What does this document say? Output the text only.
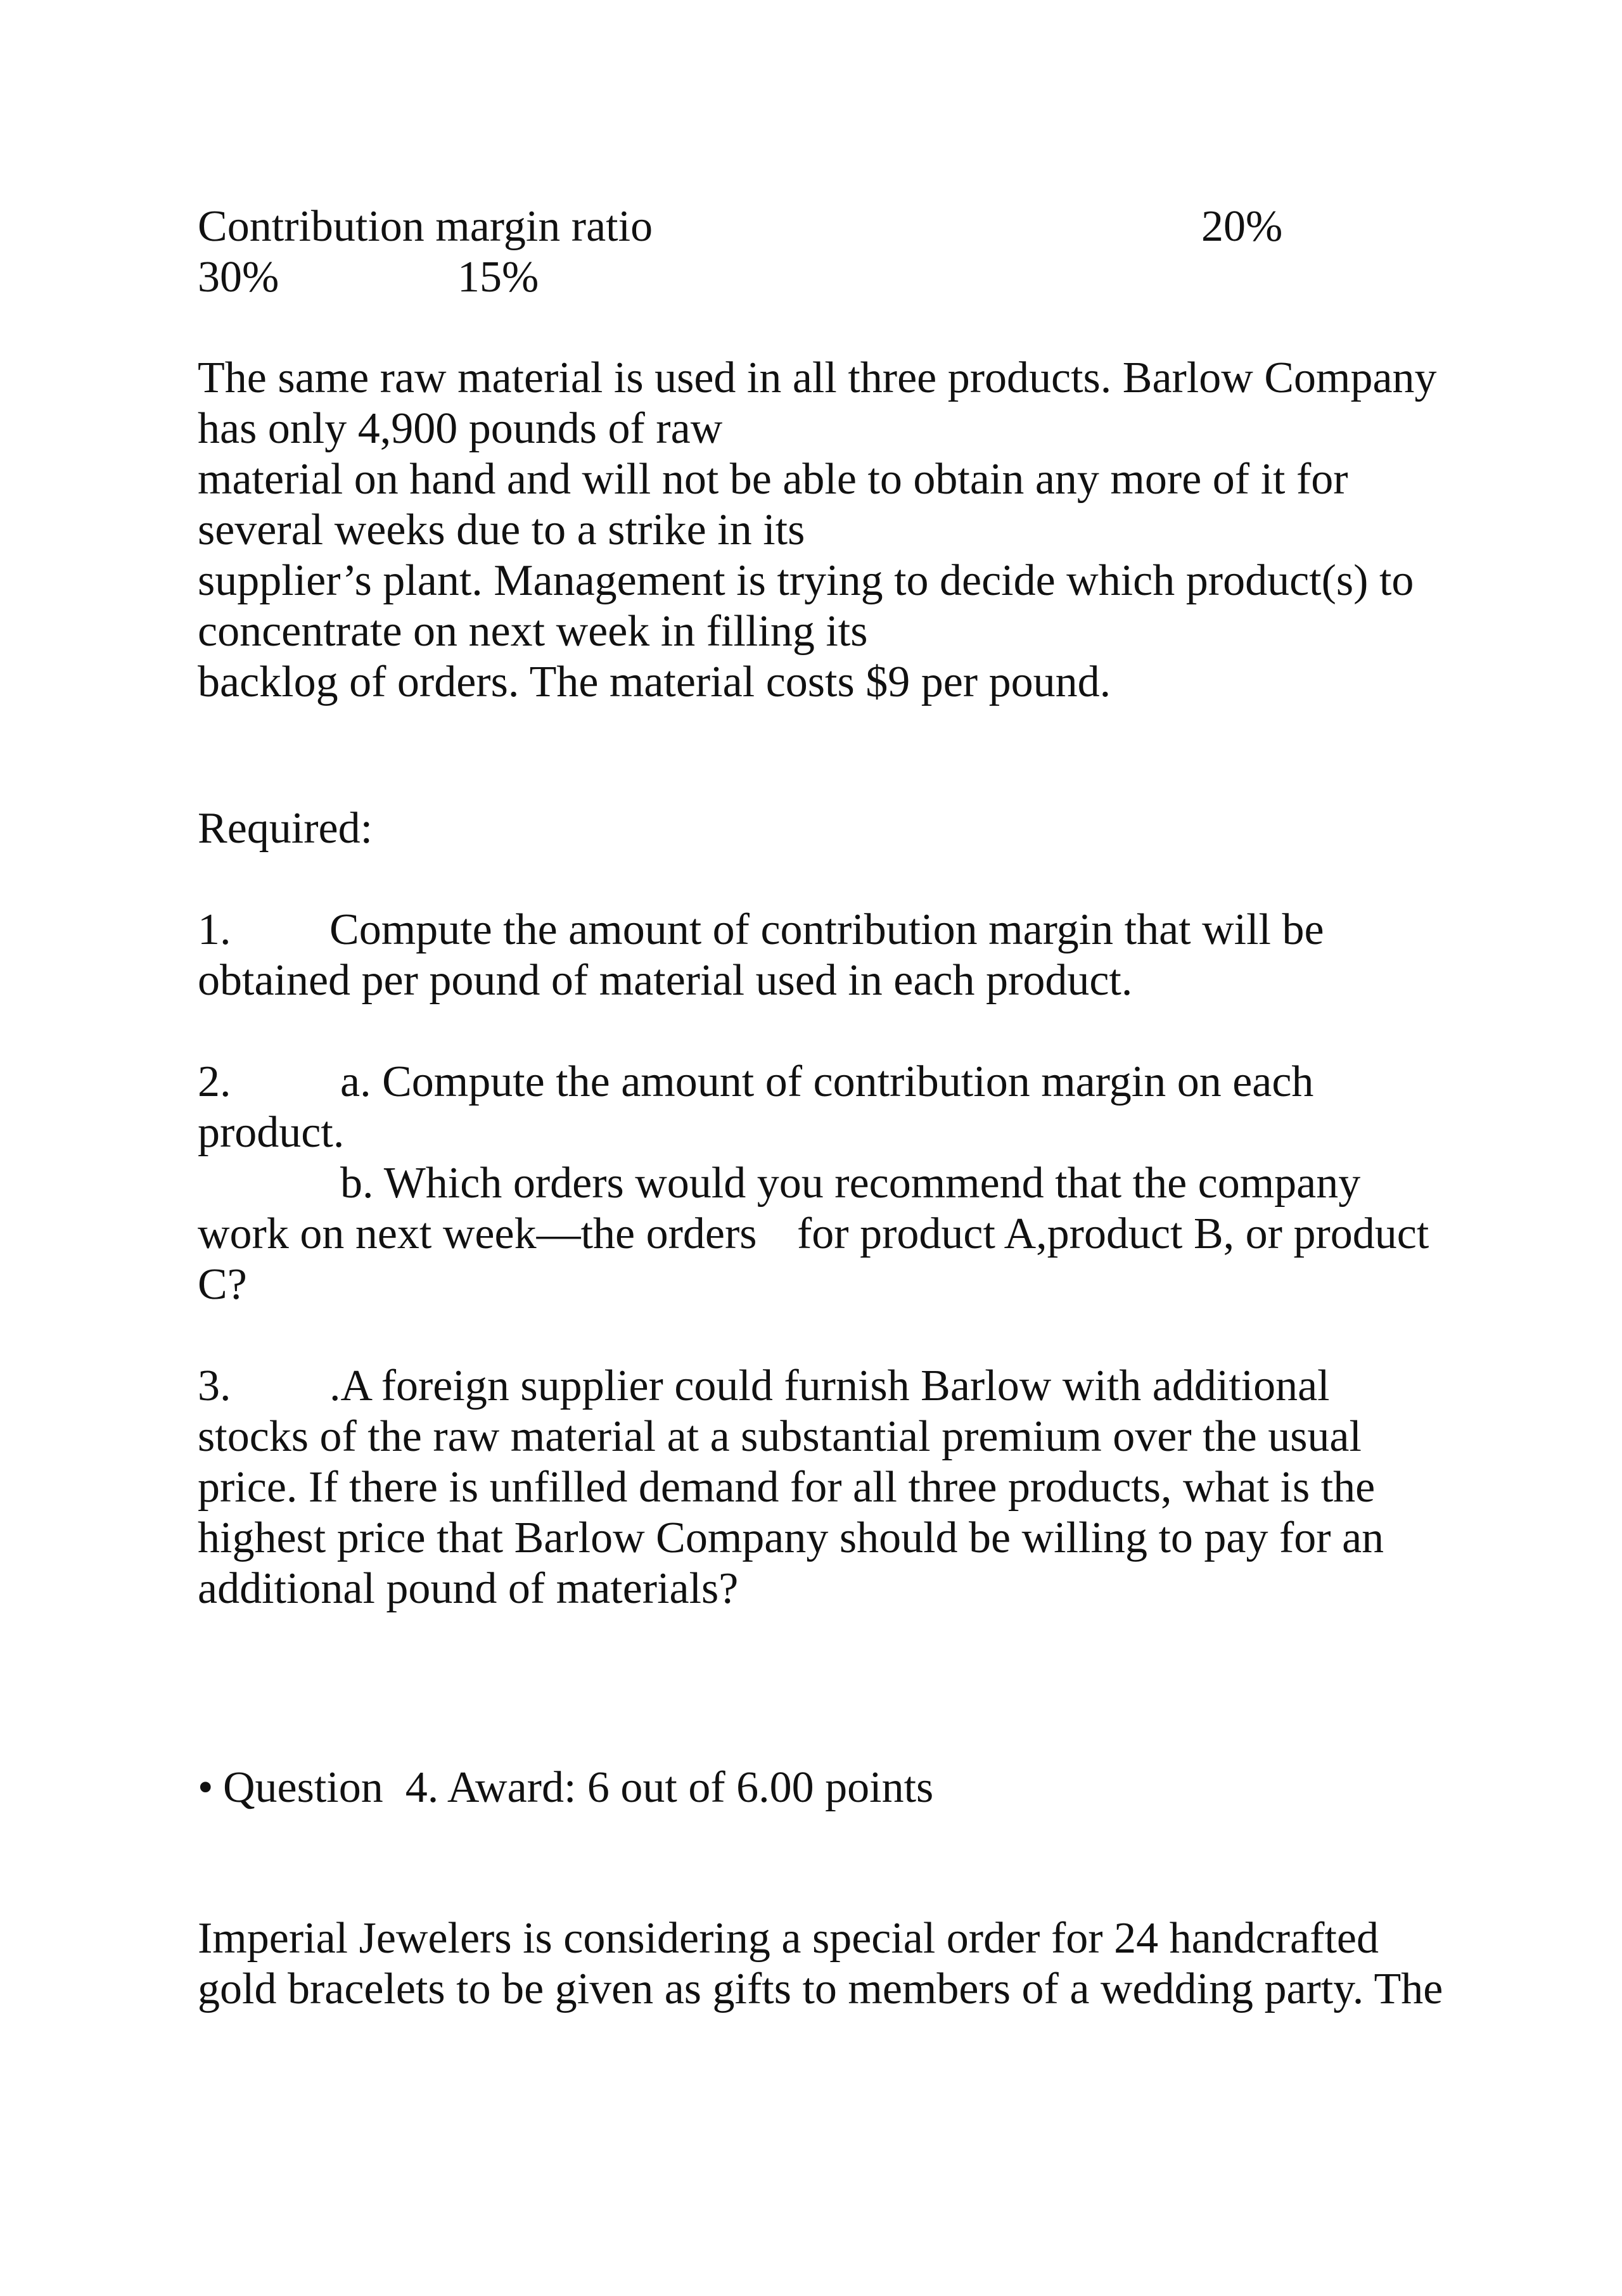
Contribution margin ratio	20%
30%	15%
The same raw material is used in all three products. Barlow Company
has only 4,900 pounds of raw
material on hand and will not be able to obtain any more of it for
several weeks due to a strike in its
supplier’s plant. Management is trying to decide which product(s) to
concentrate on next week in filling its
backlog of orders. The material costs $9 per pound.
Required:
1. Compute the amount of contribution margin that will be
obtained per pound of material used in each product.
2. a. Compute the amount of contribution margin on each
product.
b. Which orders would you recommend that the company
work on next week—the orders for product A,product B, or product
C?
3. .A foreign supplier could furnish Barlow with additional
stocks of the raw material at a substantial premium over the usual
price. If there is unfilled demand for all three products, what is the
highest price that Barlow Company should be willing to pay for an
additional pound of materials?
• Question  4. Award: 6 out of 6.00 points
Imperial Jewelers is considering a special order for 24 handcrafted
gold bracelets to be given as gifts to members of a wedding party. The
